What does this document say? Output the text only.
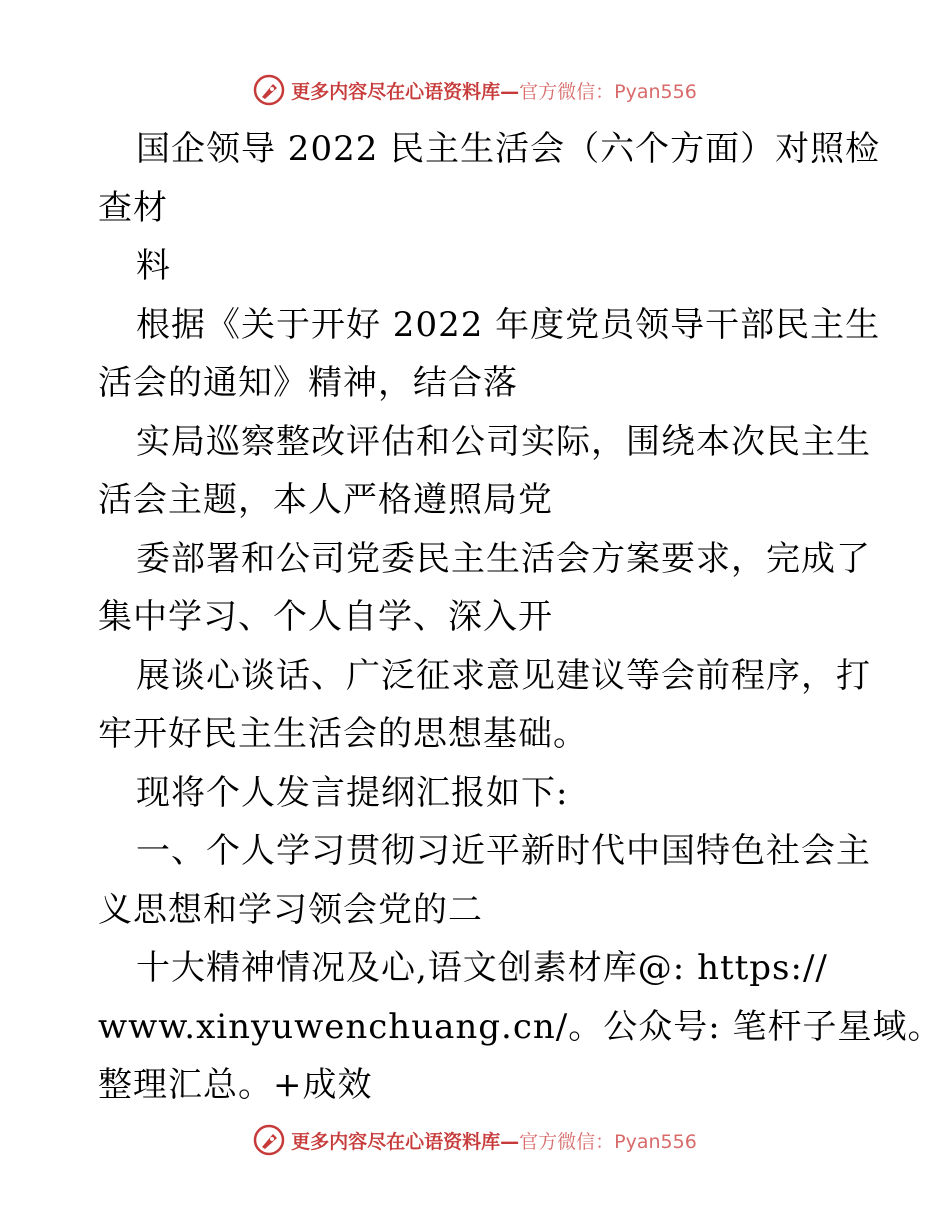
更多内容尽在心语资料库—官方微信：Pyan556
国企领导 2022 民主生活会（六个方面）对照检
查材
料
根据《关于开好 2022 年度党员领导干部民主生
活会的通知》精神，结合落
实局巡察整改评估和公司实际，围绕本次民主生
活会主题，本人严格遵照局党
委部署和公司党委民主生活会方案要求，完成了
集中学习、个人自学、深入开
展谈心谈话、广泛征求意见建议等会前程序，打
牢开好民主生活会的思想基础。
现将个人发言提纲汇报如下:
一、个人学习贯彻习近平新时代中国特色社会主
义思想和学习领会党的二
十大精神情况及心,语文创素材库@: https://
www.xinyuwenchuang.cn/。公众号: 笔杆子星域。
整理汇总。+成效
更多内容尽在心语资料库—官方微信：Pyan556
